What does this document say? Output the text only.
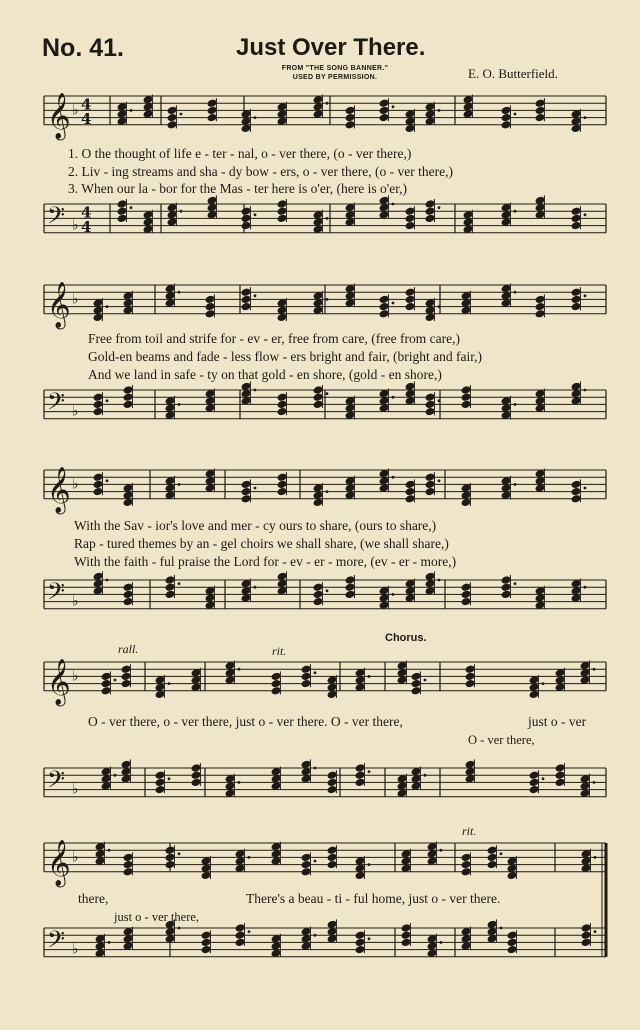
No. 41.	Just Over There.
FROM "THE SONG BANNER."
USED BY PERMISSION.	E. O. Butterfield.
𝄞 ♭
𝄢 ♭
4
4
4
4
𝄞 ♭
𝄢 ♭
𝄞 ♭
𝄢 ♭
𝄞 ♭
𝄢 ♭
𝄞 ♭
𝄢 ♭
1. O the thought of life e - ter - nal, o - ver there, (o - ver there,)
2. Liv - ing streams and sha - dy bow - ers, o - ver there, (o - ver there,)
3. When our la - bor for the Mas - ter here is o'er, (here is o'er,)
Free from toil and strife for - ev - er, free from care, (free from care,)
Gold-en beams and fade - less flow - ers bright and fair, (bright and fair,)
And we land in safe - ty on that gold - en shore, (gold - en shore,)
With the Sav - ior's love and mer - cy ours to share, (ours to share,)
Rap - tured themes by an - gel choirs we shall share, (we shall share,)
With the faith - ful praise the Lord for - ev - er - more, (ev - er - more,)
rall.	rit.
Chorus.
rit.
O - ver there, o - ver there, just o - ver there. O - ver there,	just o - ver
O - ver there,
there,	There's a beau - ti - ful home, just o - ver there.
just o - ver there,
